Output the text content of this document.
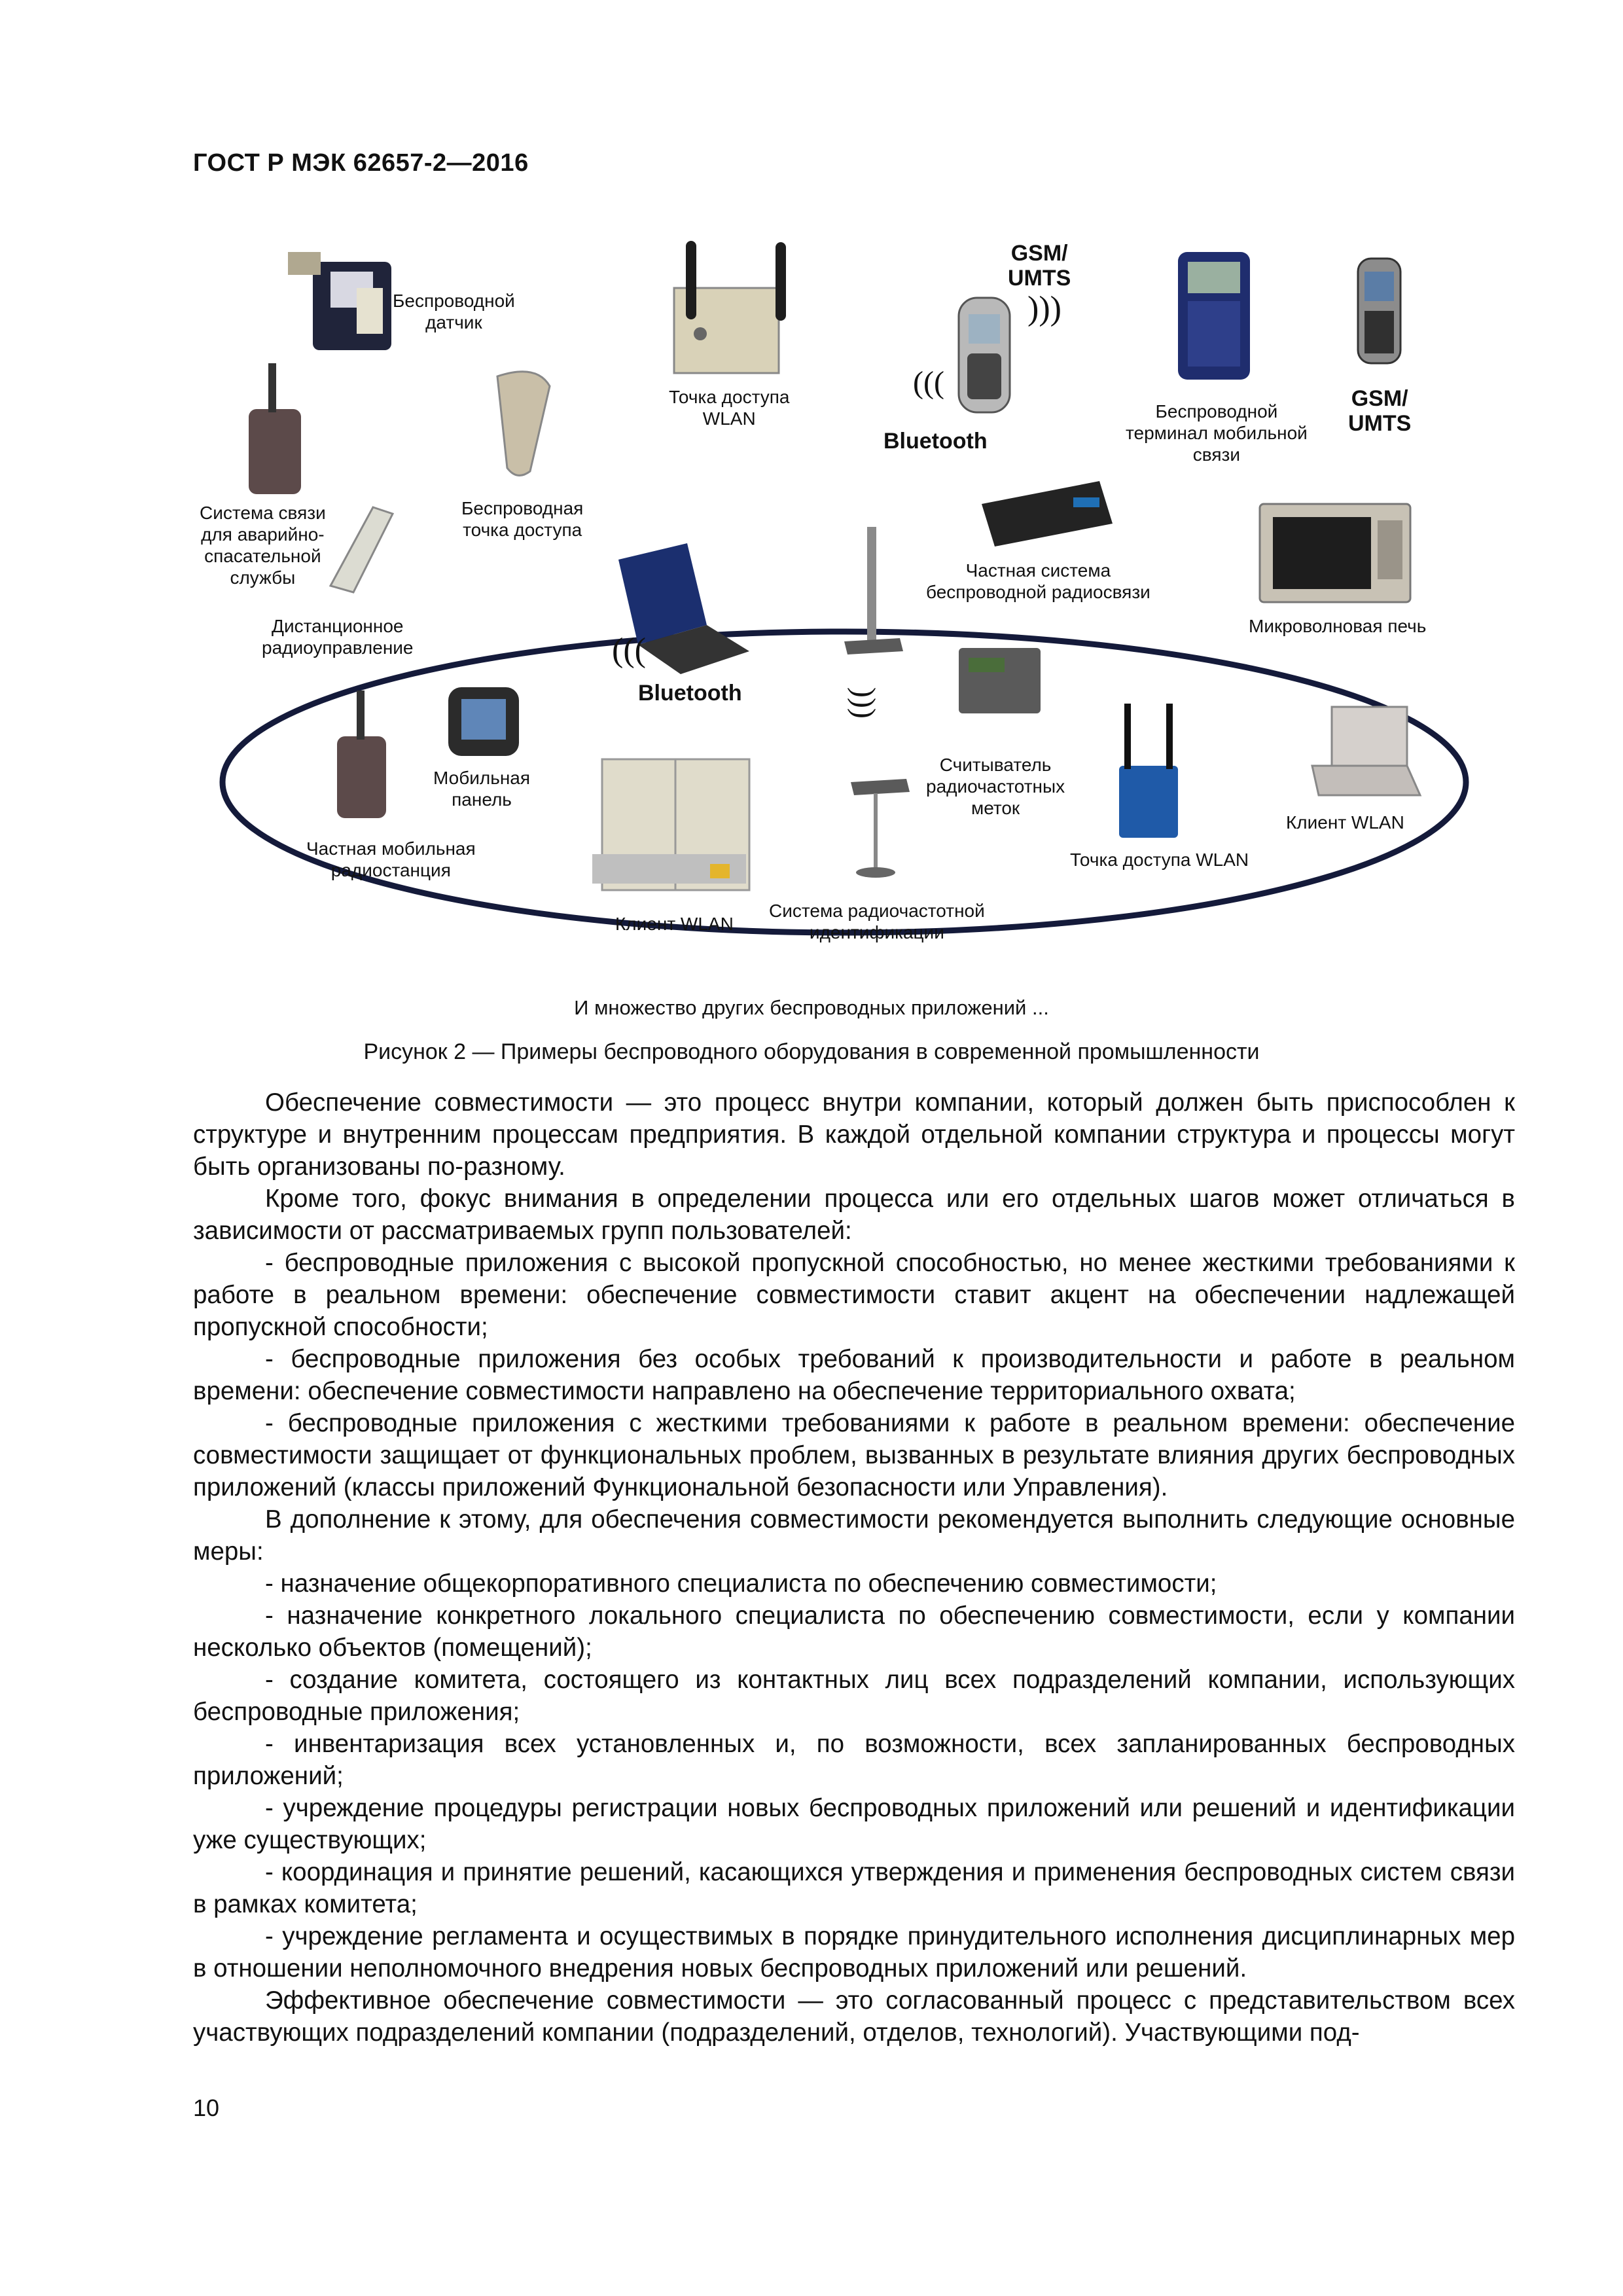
ГОСТ Р МЭК 62657-2—2016
)))
(((
(((
)))
Беспроводной
датчик
Точка доступа
WLAN
GSM/
UMTS
Bluetooth
Беспроводной
терминал мобильной
связи
GSM/
UMTS
Система связи
для аварийно-
спасательной
службы
Беспроводная
точка доступа
Частная система
беспроводной радиосвязи
Дистанционное
радиоуправление
Микроволновая печь
Bluetooth
Мобильная
панель
Считыватель
радиочастотных
меток
Клиент WLAN
Частная мобильная
радиостанция
Точка доступа WLAN
Система радиочастотной
идентификации
Клиент WLAN
И множество других беспроводных приложений ...
Рисунок 2 — Примеры беспроводного оборудования в современной промышленности

Обеспечение совместимости — это процесс внутри компании, который должен быть приспособлен к структуре и внутренним процессам предприятия. В каждой отдельной компании структура и процессы могут быть организованы по-разному.

Кроме того, фокус внимания в определении процесса или его отдельных шагов может отличаться в зависимости от рассматриваемых групп пользователей:

- беспроводные приложения с высокой пропускной способностью, но менее жесткими требованиями к работе в реальном времени: обеспечение совместимости ставит акцент на обеспечении надлежащей пропускной способности;

- беспроводные приложения без особых требований к производительности и работе в реальном времени: обеспечение совместимости направлено на обеспечение территориального охвата;

- беспроводные приложения с жесткими требованиями к работе в реальном времени: обеспечение совместимости защищает от функциональных проблем, вызванных в результате влияния других беспроводных приложений (классы приложений Функциональной безопасности или Управления).

В дополнение к этому, для обеспечения совместимости рекомендуется выполнить следующие основные меры:

- назначение общекорпоративного специалиста по обеспечению совместимости;

- назначение конкретного локального специалиста по обеспечению совместимости, если у компании несколько объектов (помещений);

- создание комитета, состоящего из контактных лиц всех подразделений компании, использующих беспроводные приложения;

- инвентаризация всех установленных и, по возможности, всех запланированных беспроводных приложений;

- учреждение процедуры регистрации новых беспроводных приложений или решений и идентификации уже существующих;

- координация и принятие решений, касающихся утверждения и применения беспроводных систем связи в рамках комитета;

- учреждение регламента и осуществимых в порядке принудительного исполнения дисциплинарных мер в отношении неполномочного внедрения новых беспроводных приложений или решений.

Эффективное обеспечение совместимости — это согласованный процесс с представительством всех участвующих подразделений компании (подразделений, отделов, технологий). Участвующими под-

10
